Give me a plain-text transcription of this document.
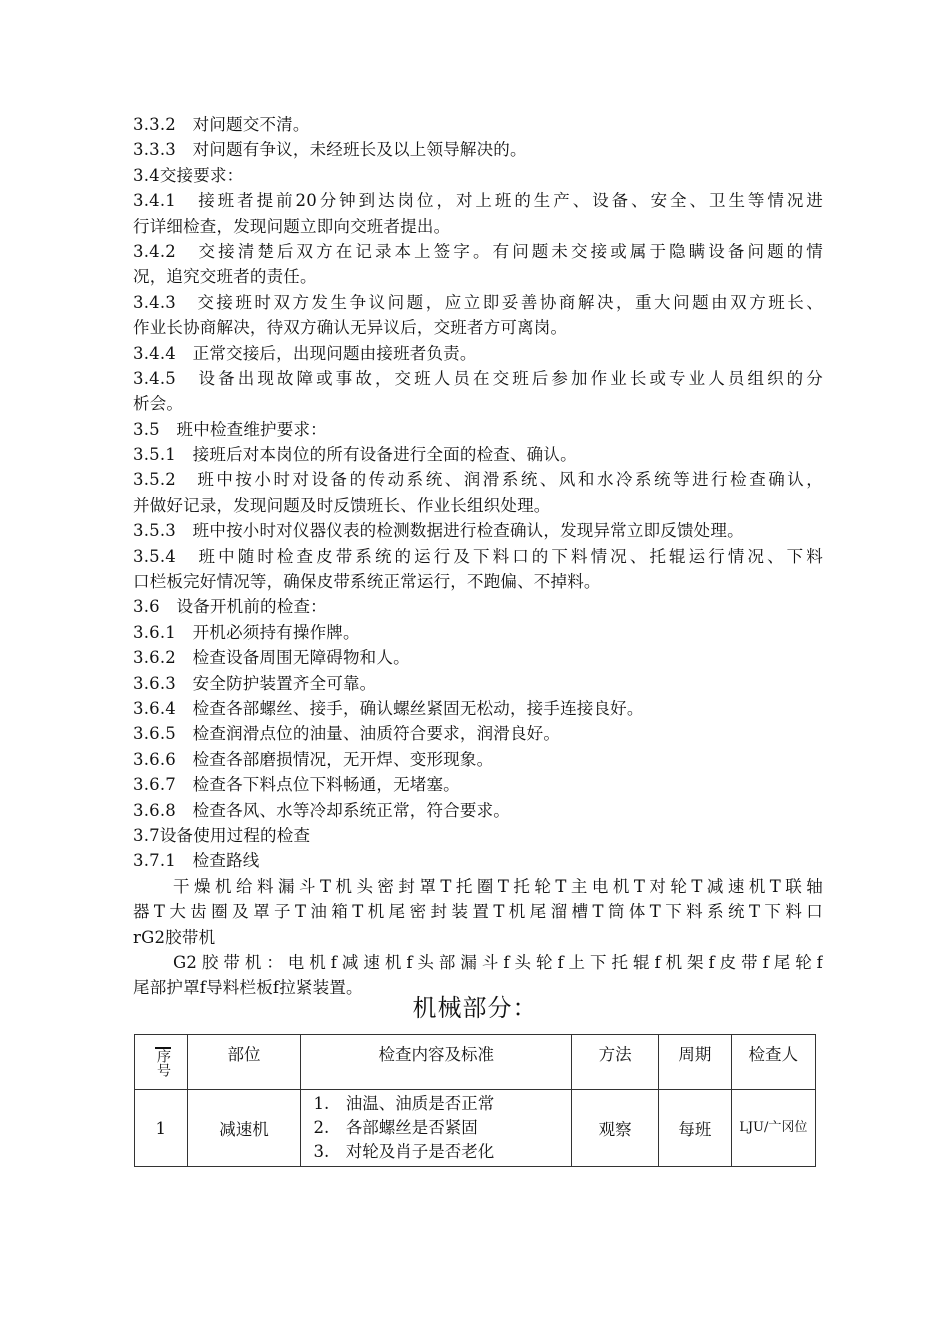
3.3.2　对问题交不清。
3.3.3　对问题有争议，未经班长及以上领导解决的。
3.4交接要求：
3.4.1　接班者提前20分钟到达岗位，对上班的生产、设备、安全、卫生等情况进
行详细检查，发现问题立即向交班者提出。
3.4.2　交接清楚后双方在记录本上签字。有问题未交接或属于隐瞒设备问题的情
况，追究交班者的责任。
3.4.3　交接班时双方发生争议问题，应立即妥善协商解决，重大问题由双方班长、
作业长协商解决，待双方确认无异议后，交班者方可离岗。
3.4.4　正常交接后，出现问题由接班者负责。
3.4.5　设备出现故障或事故，交班人员在交班后参加作业长或专业人员组织的分
析会。
3.5　班中检查维护要求：
3.5.1　接班后对本岗位的所有设备进行全面的检查、确认。
3.5.2　班中按小时对设备的传动系统、润滑系统、风和水冷系统等进行检查确认，
并做好记录，发现问题及时反馈班长、作业长组织处理。
3.5.3　班中按小时对仪器仪表的检测数据进行检查确认，发现异常立即反馈处理。
3.5.4　班中随时检查皮带系统的运行及下料口的下料情况、托辊运行情况、下料
口栏板完好情况等，确保皮带系统正常运行，不跑偏、不掉料。
3.6　设备开机前的检查：
3.6.1　开机必须持有操作牌。
3.6.2　检查设备周围无障碍物和人。
3.6.3　安全防护装置齐全可靠。
3.6.4　检查各部螺丝、接手，确认螺丝紧固无松动，接手连接良好。
3.6.5　检查润滑点位的油量、油质符合要求，润滑良好。
3.6.6　检查各部磨损情况，无开焊、变形现象。
3.6.7　检查各下料点位下料畅通，无堵塞。
3.6.8　检查各风、水等冷却系统正常，符合要求。
3.7设备使用过程的检查
3.7.1　检查路线
干燥机给料漏斗T机头密封罩T托圈T托轮T主电机T对轮T减速机T联轴
器T大齿圈及罩子T油箱T机尾密封装置T机尾溜槽T筒体T下料系统T下料口
rG2胶带机
G2胶带机：电机f减速机f头部漏斗f头轮f上下托辊f机架f皮带f尾轮f
尾部护罩f导料栏板f拉紧装置。
机械部分：
序号	部位	检查内容及标准	方法	周期	检查人
1	减速机	1.　油温、油质是否正常
2.　各部螺丝是否紧固
3.　对轮及肖子是否老化	观察	每班	LJU/亠冈位
